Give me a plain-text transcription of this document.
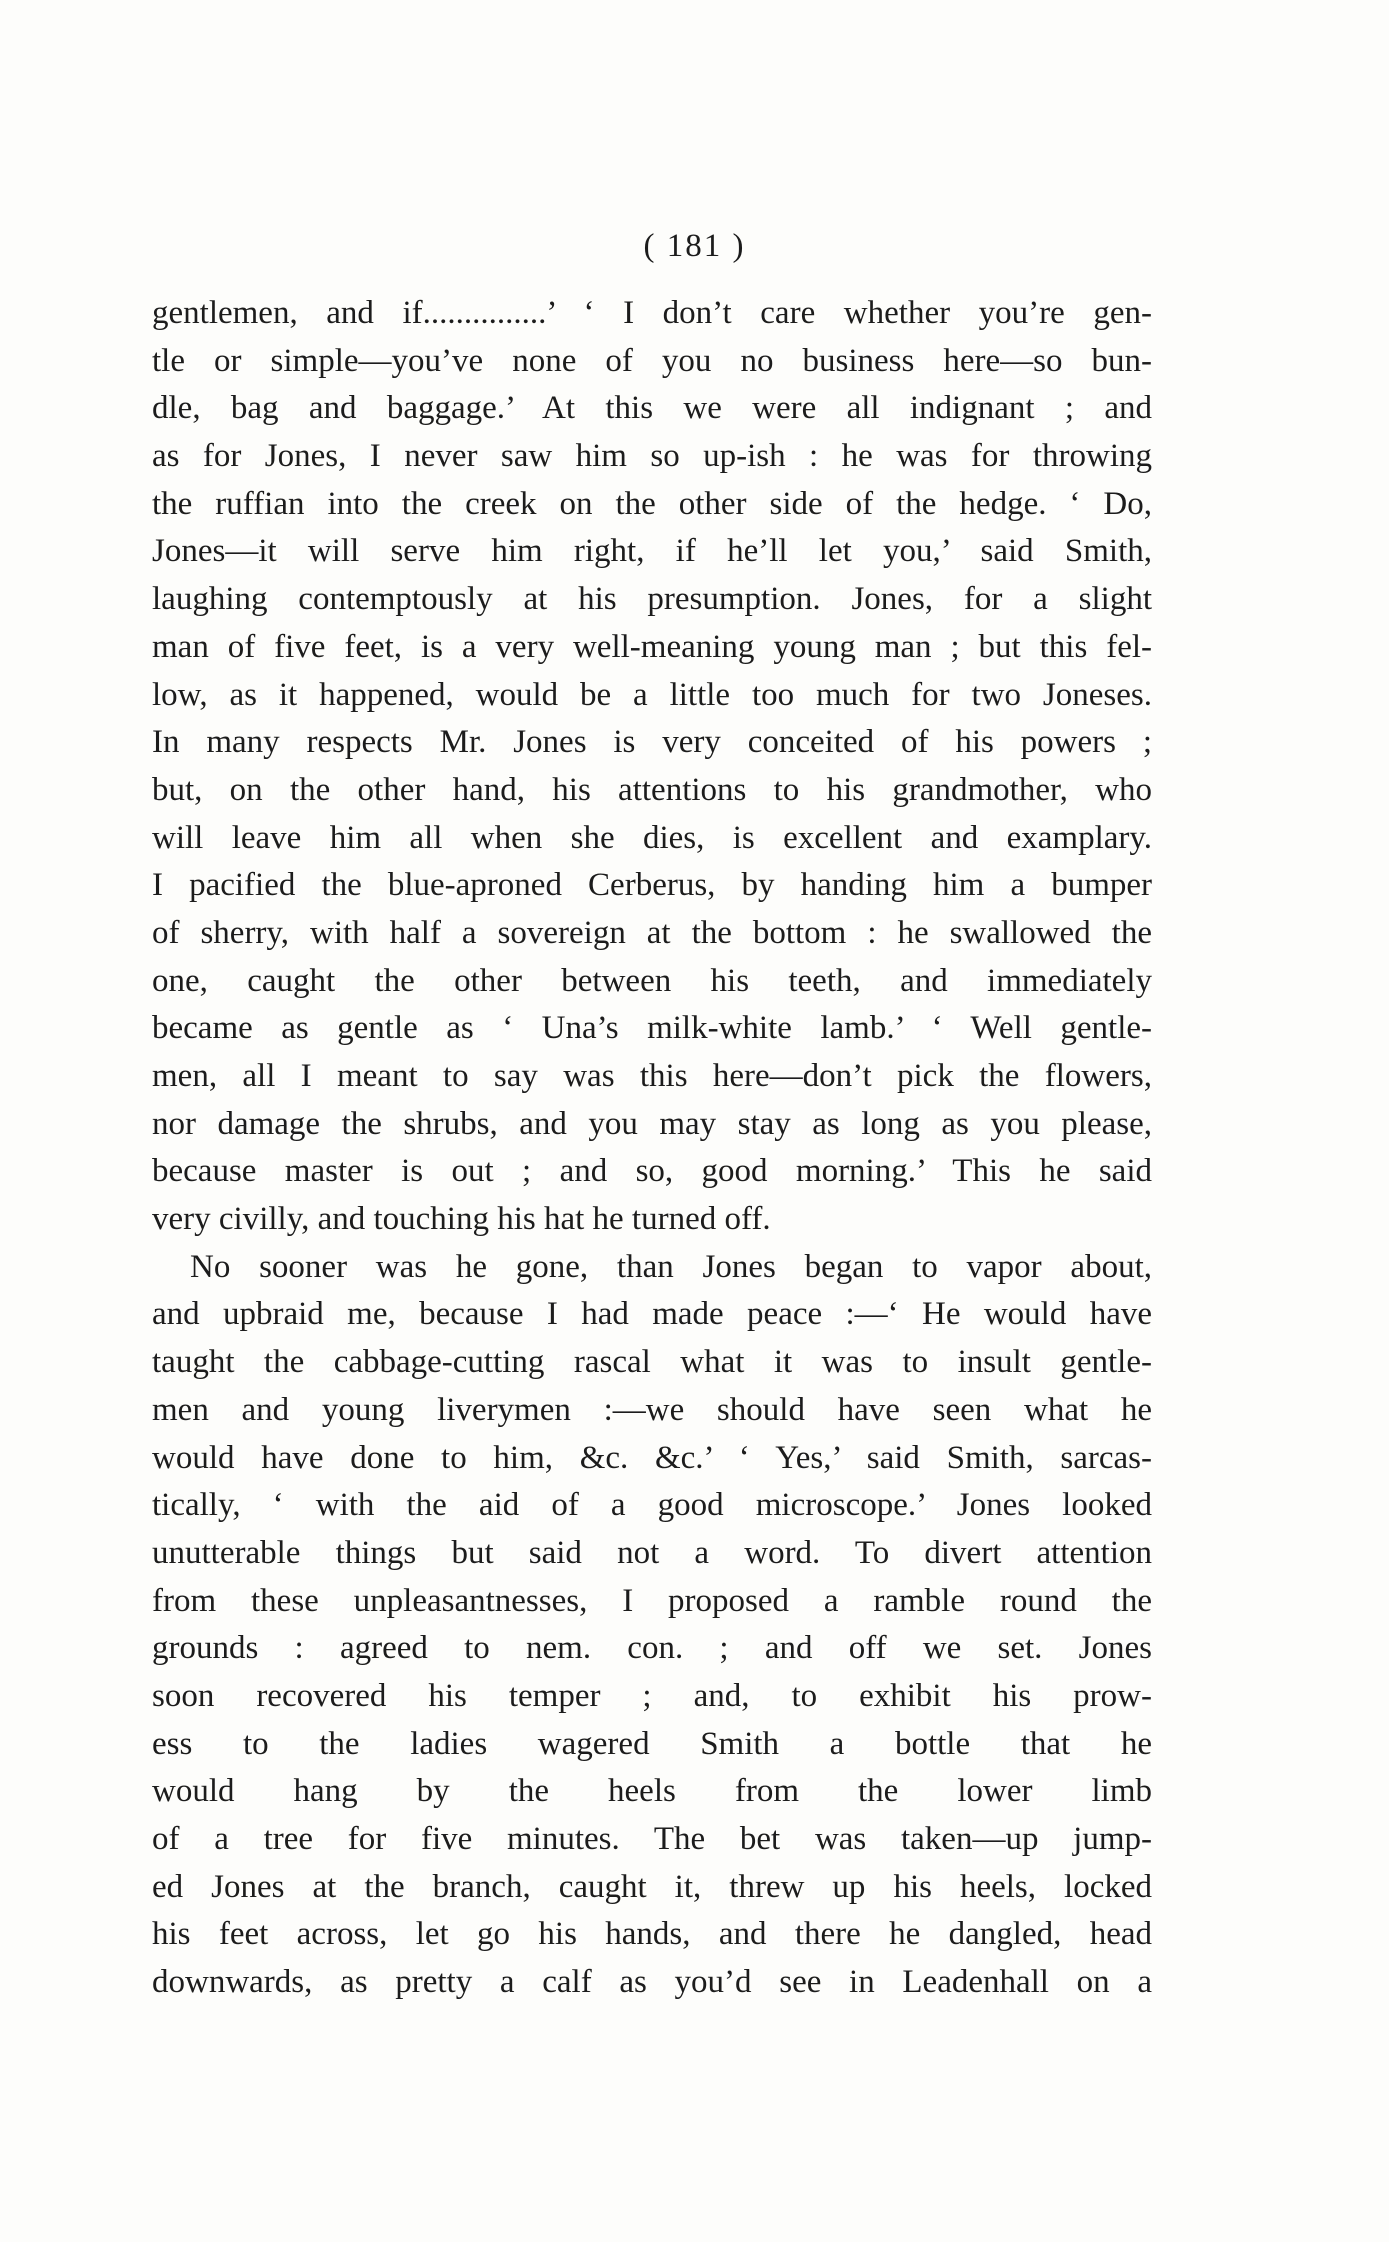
( 181 )
gentlemen, and if...............’ ‘ I don’t care whether you’re gen-
tle or simple—you’ve none of you no business here—so bun-
dle, bag and baggage.’ At this we were all indignant ; and
as for Jones, I never saw him so up-ish : he was for throwing
the ruffian into the creek on the other side of the hedge. ‘ Do,
Jones—it will serve him right, if he’ll let you,’ said Smith,
laughing contemptously at his presumption. Jones, for a slight
man of five feet, is a very well-meaning young man ; but this fel-
low, as it happened, would be a little too much for two Joneses.
In many respects Mr. Jones is very conceited of his powers ;
but, on the other hand, his attentions to his grandmother, who
will leave him all when she dies, is excellent and examplary.
I pacified the blue-aproned Cerberus, by handing him a bumper
of sherry, with half a sovereign at the bottom : he swallowed the
one, caught the other between his teeth, and immediately
became as gentle as ‘ Una’s milk-white lamb.’ ‘ Well gentle-
men, all I meant to say was this here—don’t pick the flowers,
nor damage the shrubs, and you may stay as long as you please,
because master is out ; and so, good morning.’ This he said
very civilly, and touching his hat he turned off.
No sooner was he gone, than Jones began to vapor about,
and upbraid me, because I had made peace :—‘ He would have
taught the cabbage-cutting rascal what it was to insult gentle-
men and young liverymen :—we should have seen what he
would have done to him, &c. &c.’ ‘ Yes,’ said Smith, sarcas-
tically, ‘ with the aid of a good microscope.’ Jones looked
unutterable things but said not a word. To divert attention
from these unpleasantnesses, I proposed a ramble round the
grounds : agreed to nem. con. ; and off we set. Jones
soon recovered his temper ; and, to exhibit his prow-
ess to the ladies wagered Smith a bottle that he
would hang by the heels from the lower limb
of a tree for five minutes. The bet was taken—up jump-
ed Jones at the branch, caught it, threw up his heels, locked
his feet across, let go his hands, and there he dangled, head
downwards, as pretty a calf as you’d see in Leadenhall on a
